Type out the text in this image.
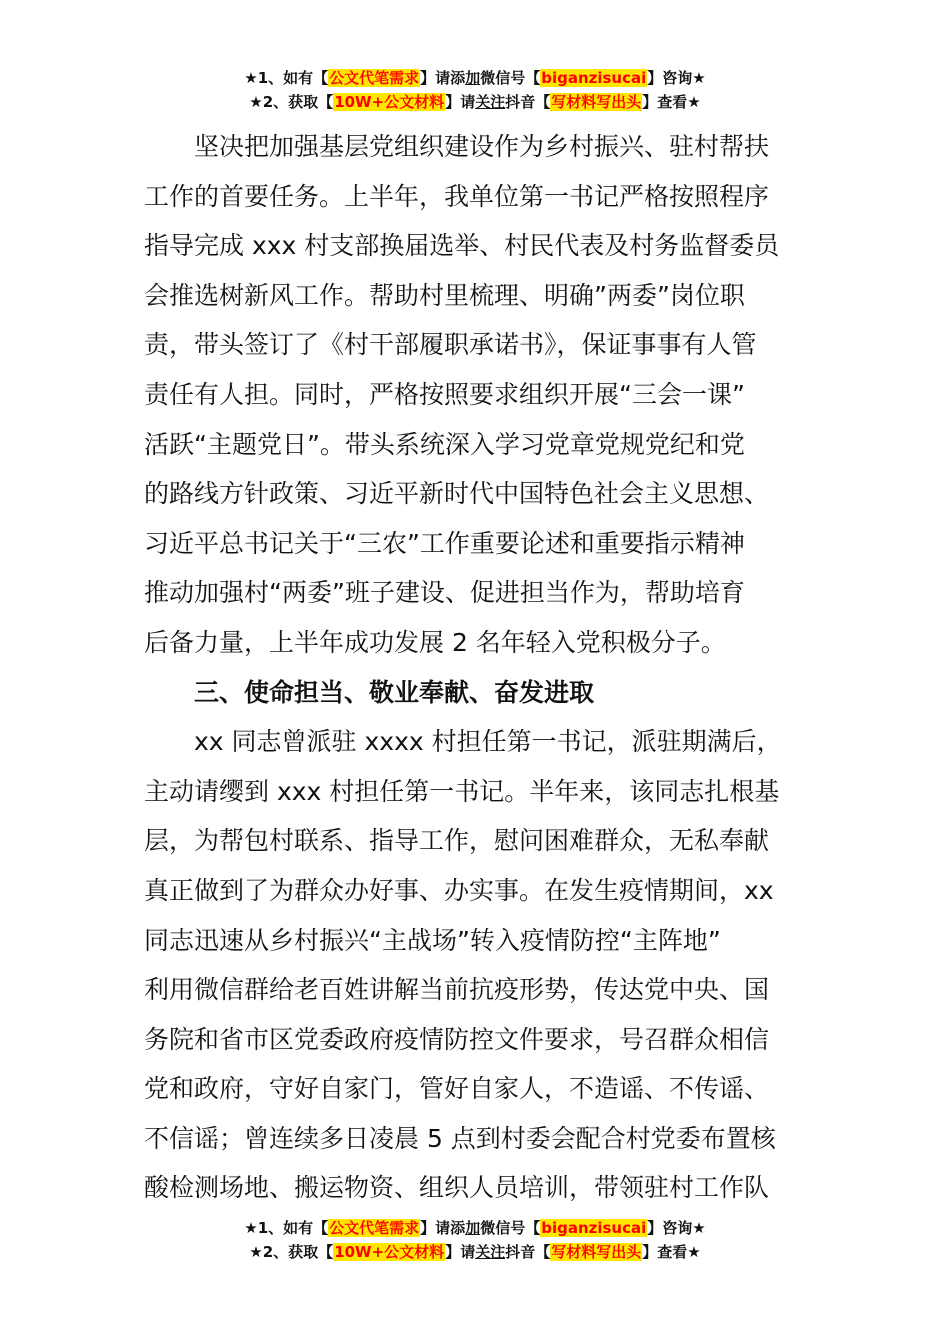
★1、如有【公文代笔需求】请添加微信号【biganzisucai】咨询★
★2、获取【10W+公文材料】请关注抖音【写材料写出头】查看★
坚决把加强基层党组织建设作为乡村振兴、驻村帮扶
工作的首要任务。上半年，我单位第一书记严格按照程序
指导完成 xxx 村支部换届选举、村民代表及村务监督委员
会推选树新风工作。帮助村里梳理、明确”两委”岗位职
责，带头签订了《村干部履职承诺书》，保证事事有人管
责任有人担。同时，严格按照要求组织开展“三会一课”
活跃“主题党日”。带头系统深入学习党章党规党纪和党
的路线方针政策、习近平新时代中国特色社会主义思想、
习近平总书记关于“三农”工作重要论述和重要指示精神
推动加强村“两委”班子建设、促进担当作为，帮助培育
后备力量，上半年成功发展 2 名年轻入党积极分子。
三、使命担当、敬业奉献、奋发进取
xx 同志曾派驻 xxxx 村担任第一书记，派驻期满后，
主动请缨到 xxx 村担任第一书记。半年来，该同志扎根基
层，为帮包村联系、指导工作，慰问困难群众，无私奉献
真正做到了为群众办好事、办实事。在发生疫情期间，xx
同志迅速从乡村振兴“主战场”转入疫情防控“主阵地”
利用微信群给老百姓讲解当前抗疫形势，传达党中央、国
务院和省市区党委政府疫情防控文件要求，号召群众相信
党和政府，守好自家门，管好自家人，不造谣、不传谣、
不信谣；曾连续多日凌晨 5 点到村委会配合村党委布置核
酸检测场地、搬运物资、组织人员培训，带领驻村工作队
★1、如有【公文代笔需求】请添加微信号【biganzisucai】咨询★
★2、获取【10W+公文材料】请关注抖音【写材料写出头】查看★
